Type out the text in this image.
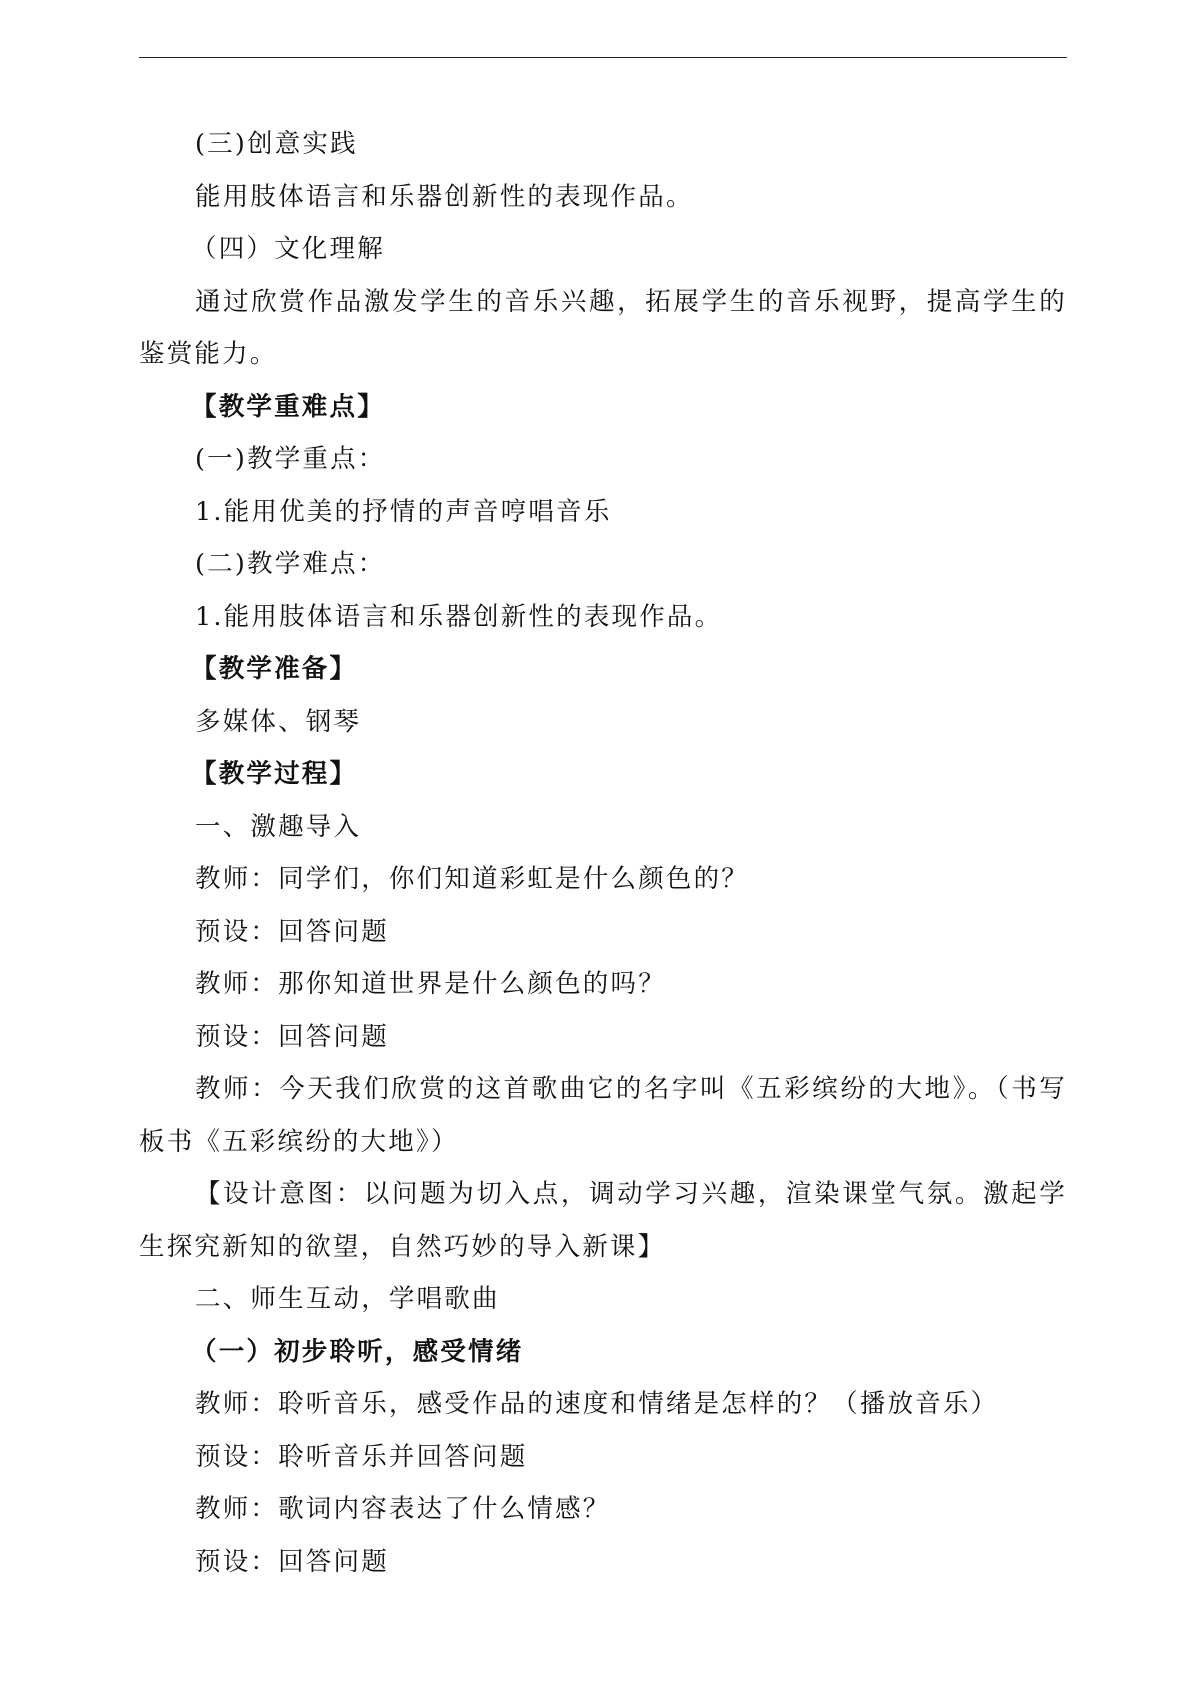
(三)创意实践
能用肢体语言和乐器创新性的表现作品。
（四）文化理解
通过欣赏作品激发学生的音乐兴趣，拓展学生的音乐视野，提高学生的鉴赏能力。
【教学重难点】
(一)教学重点：
1.能用优美的抒情的声音哼唱音乐
(二)教学难点：
1.能用肢体语言和乐器创新性的表现作品。
【教学准备】
多媒体、钢琴
【教学过程】
一、激趣导入
教师：同学们，你们知道彩虹是什么颜色的？
预设：回答问题
教师：那你知道世界是什么颜色的吗？
预设：回答问题
教师：今天我们欣赏的这首歌曲它的名字叫《五彩缤纷的大地》。（书写板书《五彩缤纷的大地》）
【设计意图：以问题为切入点，调动学习兴趣，渲染课堂气氛。激起学生探究新知的欲望，自然巧妙的导入新课】
二、师生互动，学唱歌曲
（一）初步聆听，感受情绪
教师：聆听音乐，感受作品的速度和情绪是怎样的？（播放音乐）
预设：聆听音乐并回答问题
教师：歌词内容表达了什么情感？
预设：回答问题
